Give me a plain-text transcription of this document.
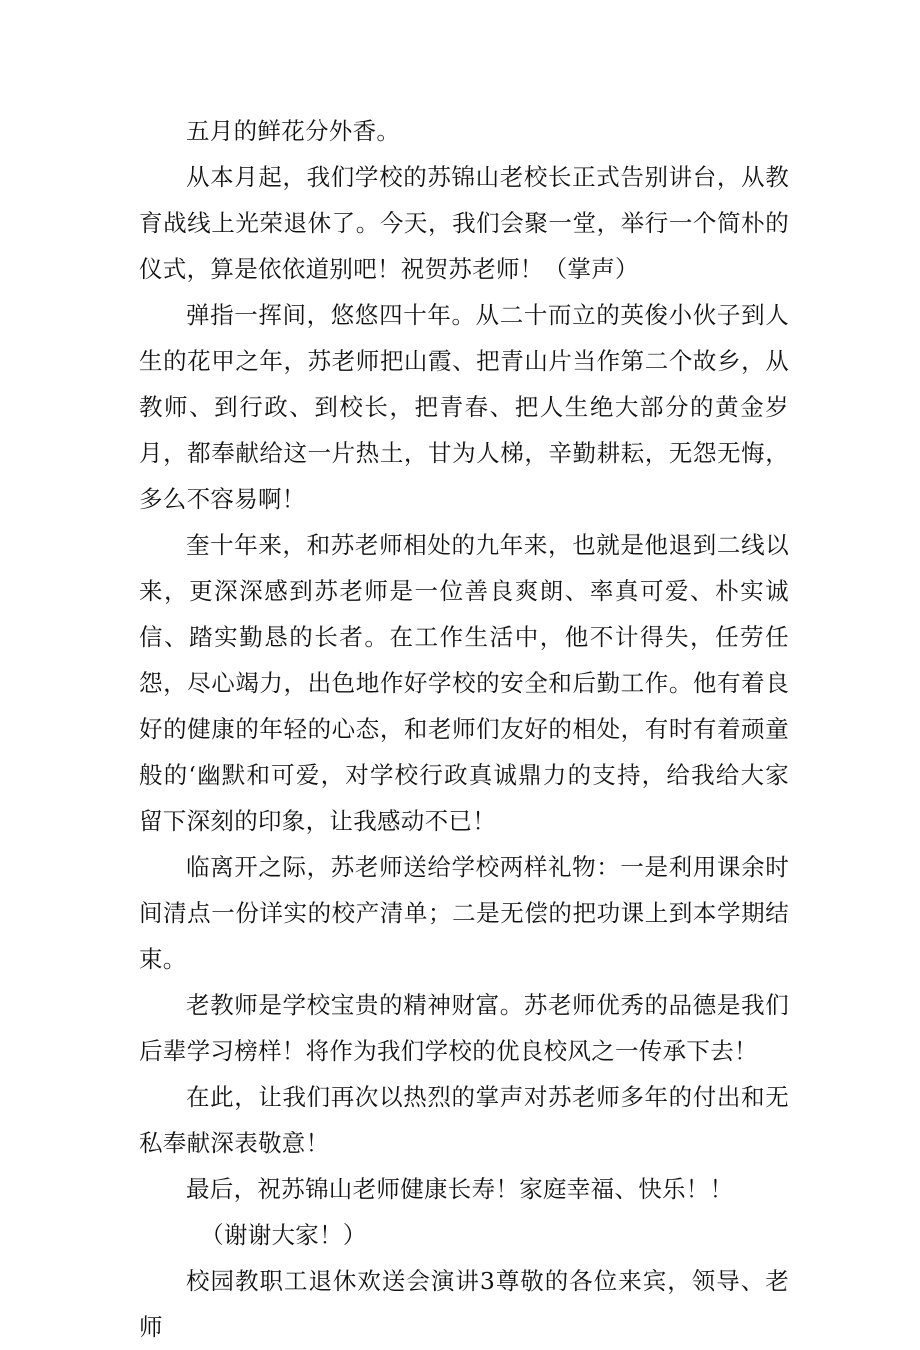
五月的鲜花分外香。

从本月起，我们学校的苏锦山老校长正式告别讲台，从教育战线上光荣退休了。今天，我们会聚一堂，举行一个简朴的仪式，算是依依道别吧！祝贺苏老师！（掌声）

弹指一挥间，悠悠四十年。从二十而立的英俊小伙子到人生的花甲之年，苏老师把山霞、把青山片当作第二个故乡，从教师、到行政、到校长，把青春、把人生绝大部分的黄金岁月，都奉献给这一片热土，甘为人梯，辛勤耕耘，无怨无悔，多么不容易啊！

奎十年来，和苏老师相处的九年来，也就是他退到二线以来，更深深感到苏老师是一位善良爽朗、率真可爱、朴实诚信、踏实勤恳的长者。在工作生活中，他不计得失，任劳任怨，尽心竭力，出色地作好学校的安全和后勤工作。他有着良好的健康的年轻的心态，和老师们友好的相处，有时有着顽童般的‘幽默和可爱，对学校行政真诚鼎力的支持，给我给大家留下深刻的印象，让我感动不已！

临离开之际，苏老师送给学校两样礼物：一是利用课余时间清点一份详实的校产清单；二是无偿的把功课上到本学期结束。

老教师是学校宝贵的精神财富。苏老师优秀的品德是我们后辈学习榜样！将作为我们学校的优良校风之一传承下去！

在此，让我们再次以热烈的掌声对苏老师多年的付出和无私奉献深表敬意！

最后，祝苏锦山老师健康长寿！家庭幸福、快乐！！

（谢谢大家！）

校园教职工退休欢送会演讲3尊敬的各位来宾，领导、老师
